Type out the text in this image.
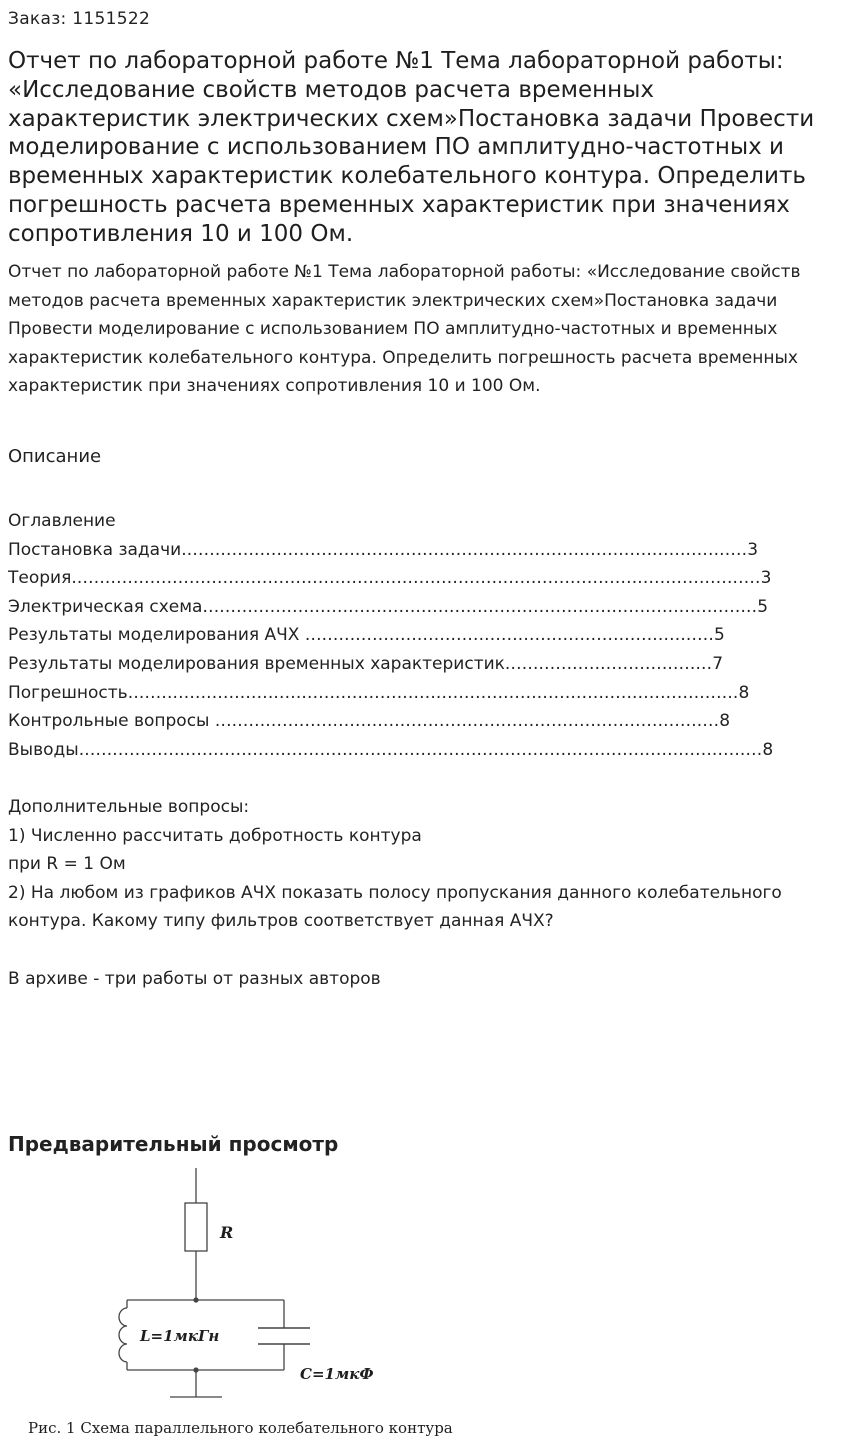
Заказ: 1151522
Отчет по лабораторной работе №1 Тема лабораторной работы: «Исследование свойств методов расчета временных характеристик электрических схем»Постановка задачи Провести моделирование с использованием ПО амплитудно-частотных и временных характеристик колебательного контура. Определить погрешность расчета временных характеристик при значениях сопротивления 10 и 100 Ом.

Отчет по лабораторной работе №1 Тема лабораторной работы: «Исследование свойств методов расчета временных характеристик электрических схем»Постановка задачи Провести моделирование с использованием ПО амплитудно-частотных и временных характеристик колебательного контура. Определить погрешность расчета временных характеристик при значениях сопротивления 10 и 100 Ом.

Описание
Оглавление
Постановка задачи.....................................................................................................3
Теория...........................................................................................................................3
Электрическая схема...................................................................................................5
Результаты моделирования АЧХ .........................................................................5
Результаты моделирования временных характеристик.....................................7
Погрешность.............................................................................................................8
Контрольные вопросы ..........................................................................................8
Выводы..........................................................................................................................8
Дополнительные вопросы:
1) Численно рассчитать добротность контура
при R = 1 Ом
2) На любом из графиков АЧХ показать полосу пропускания данного колебательного контура. Какому типу фильтров соответствует данная АЧХ?
В архиве - три работы от разных авторов
Предварительный просмотр
R
L=1мкГн
C=1мкФ
Рис. 1 Схема параллельного колебательного контура
